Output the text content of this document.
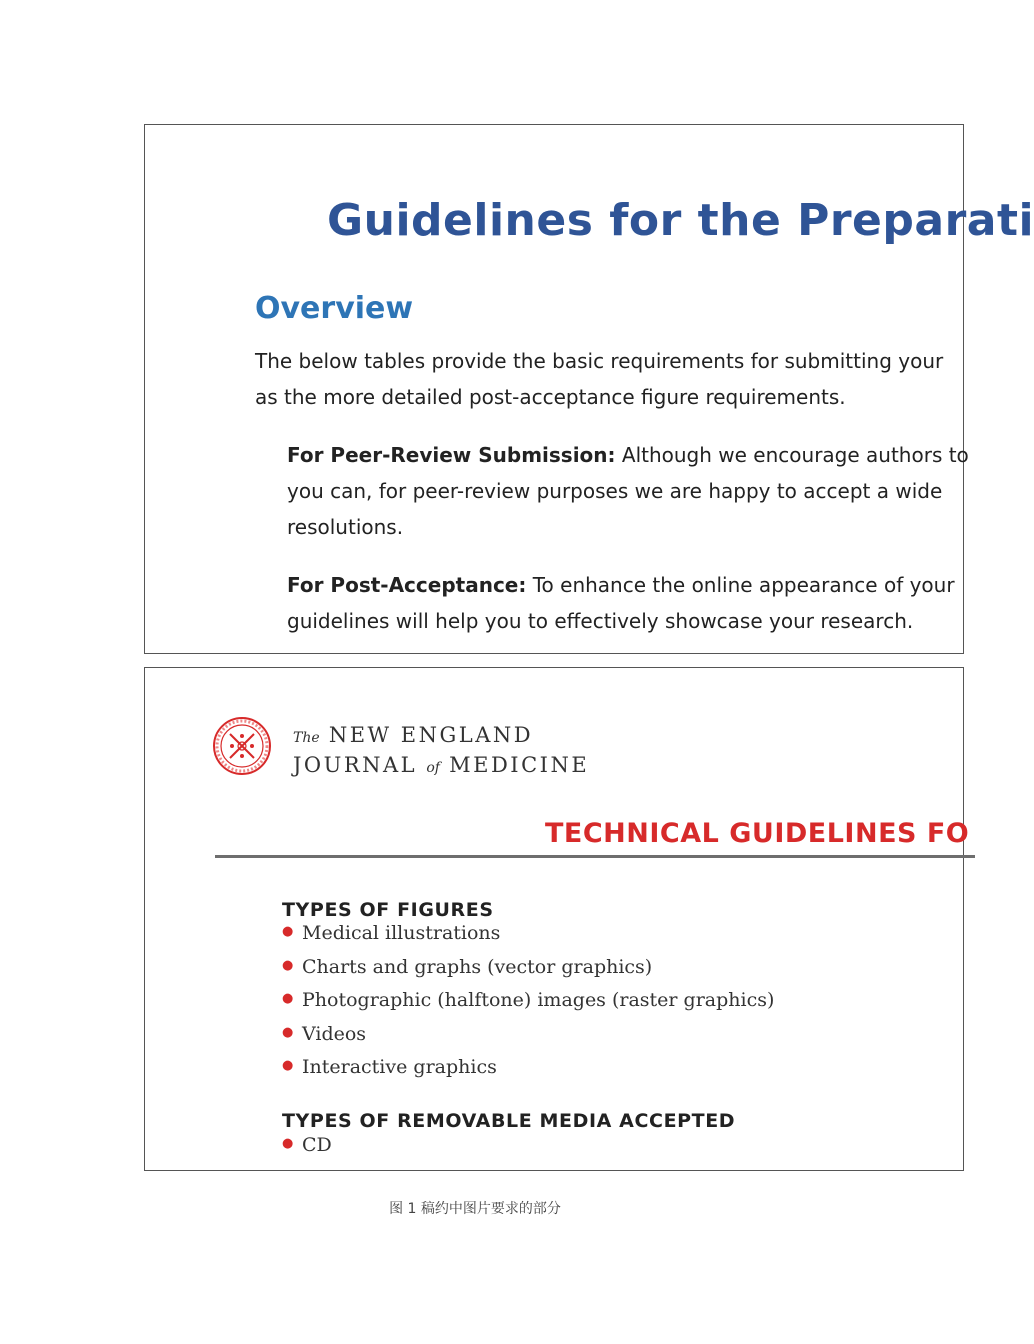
Guidelines for the Preparati
Overview
The below tables provide the basic requirements for submitting your
as the more detailed post-acceptance figure requirements.
For Peer-Review Submission: Although we encourage authors to
you can, for peer-review purposes we are happy to accept a wide
resolutions.
For Post-Acceptance: To enhance the online appearance of your
guidelines will help you to effectively showcase your research.
The NEW ENGLAND
JOURNAL of MEDICINE
TECHNICAL GUIDELINES FO
TYPES OF FIGURES
● Medical illustrations
● Charts and graphs (vector graphics)
● Photographic (halftone) images (raster graphics)
● Videos
● Interactive graphics
TYPES OF REMOVABLE MEDIA ACCEPTED
● CD
图 1 稿约中图片要求的部分
